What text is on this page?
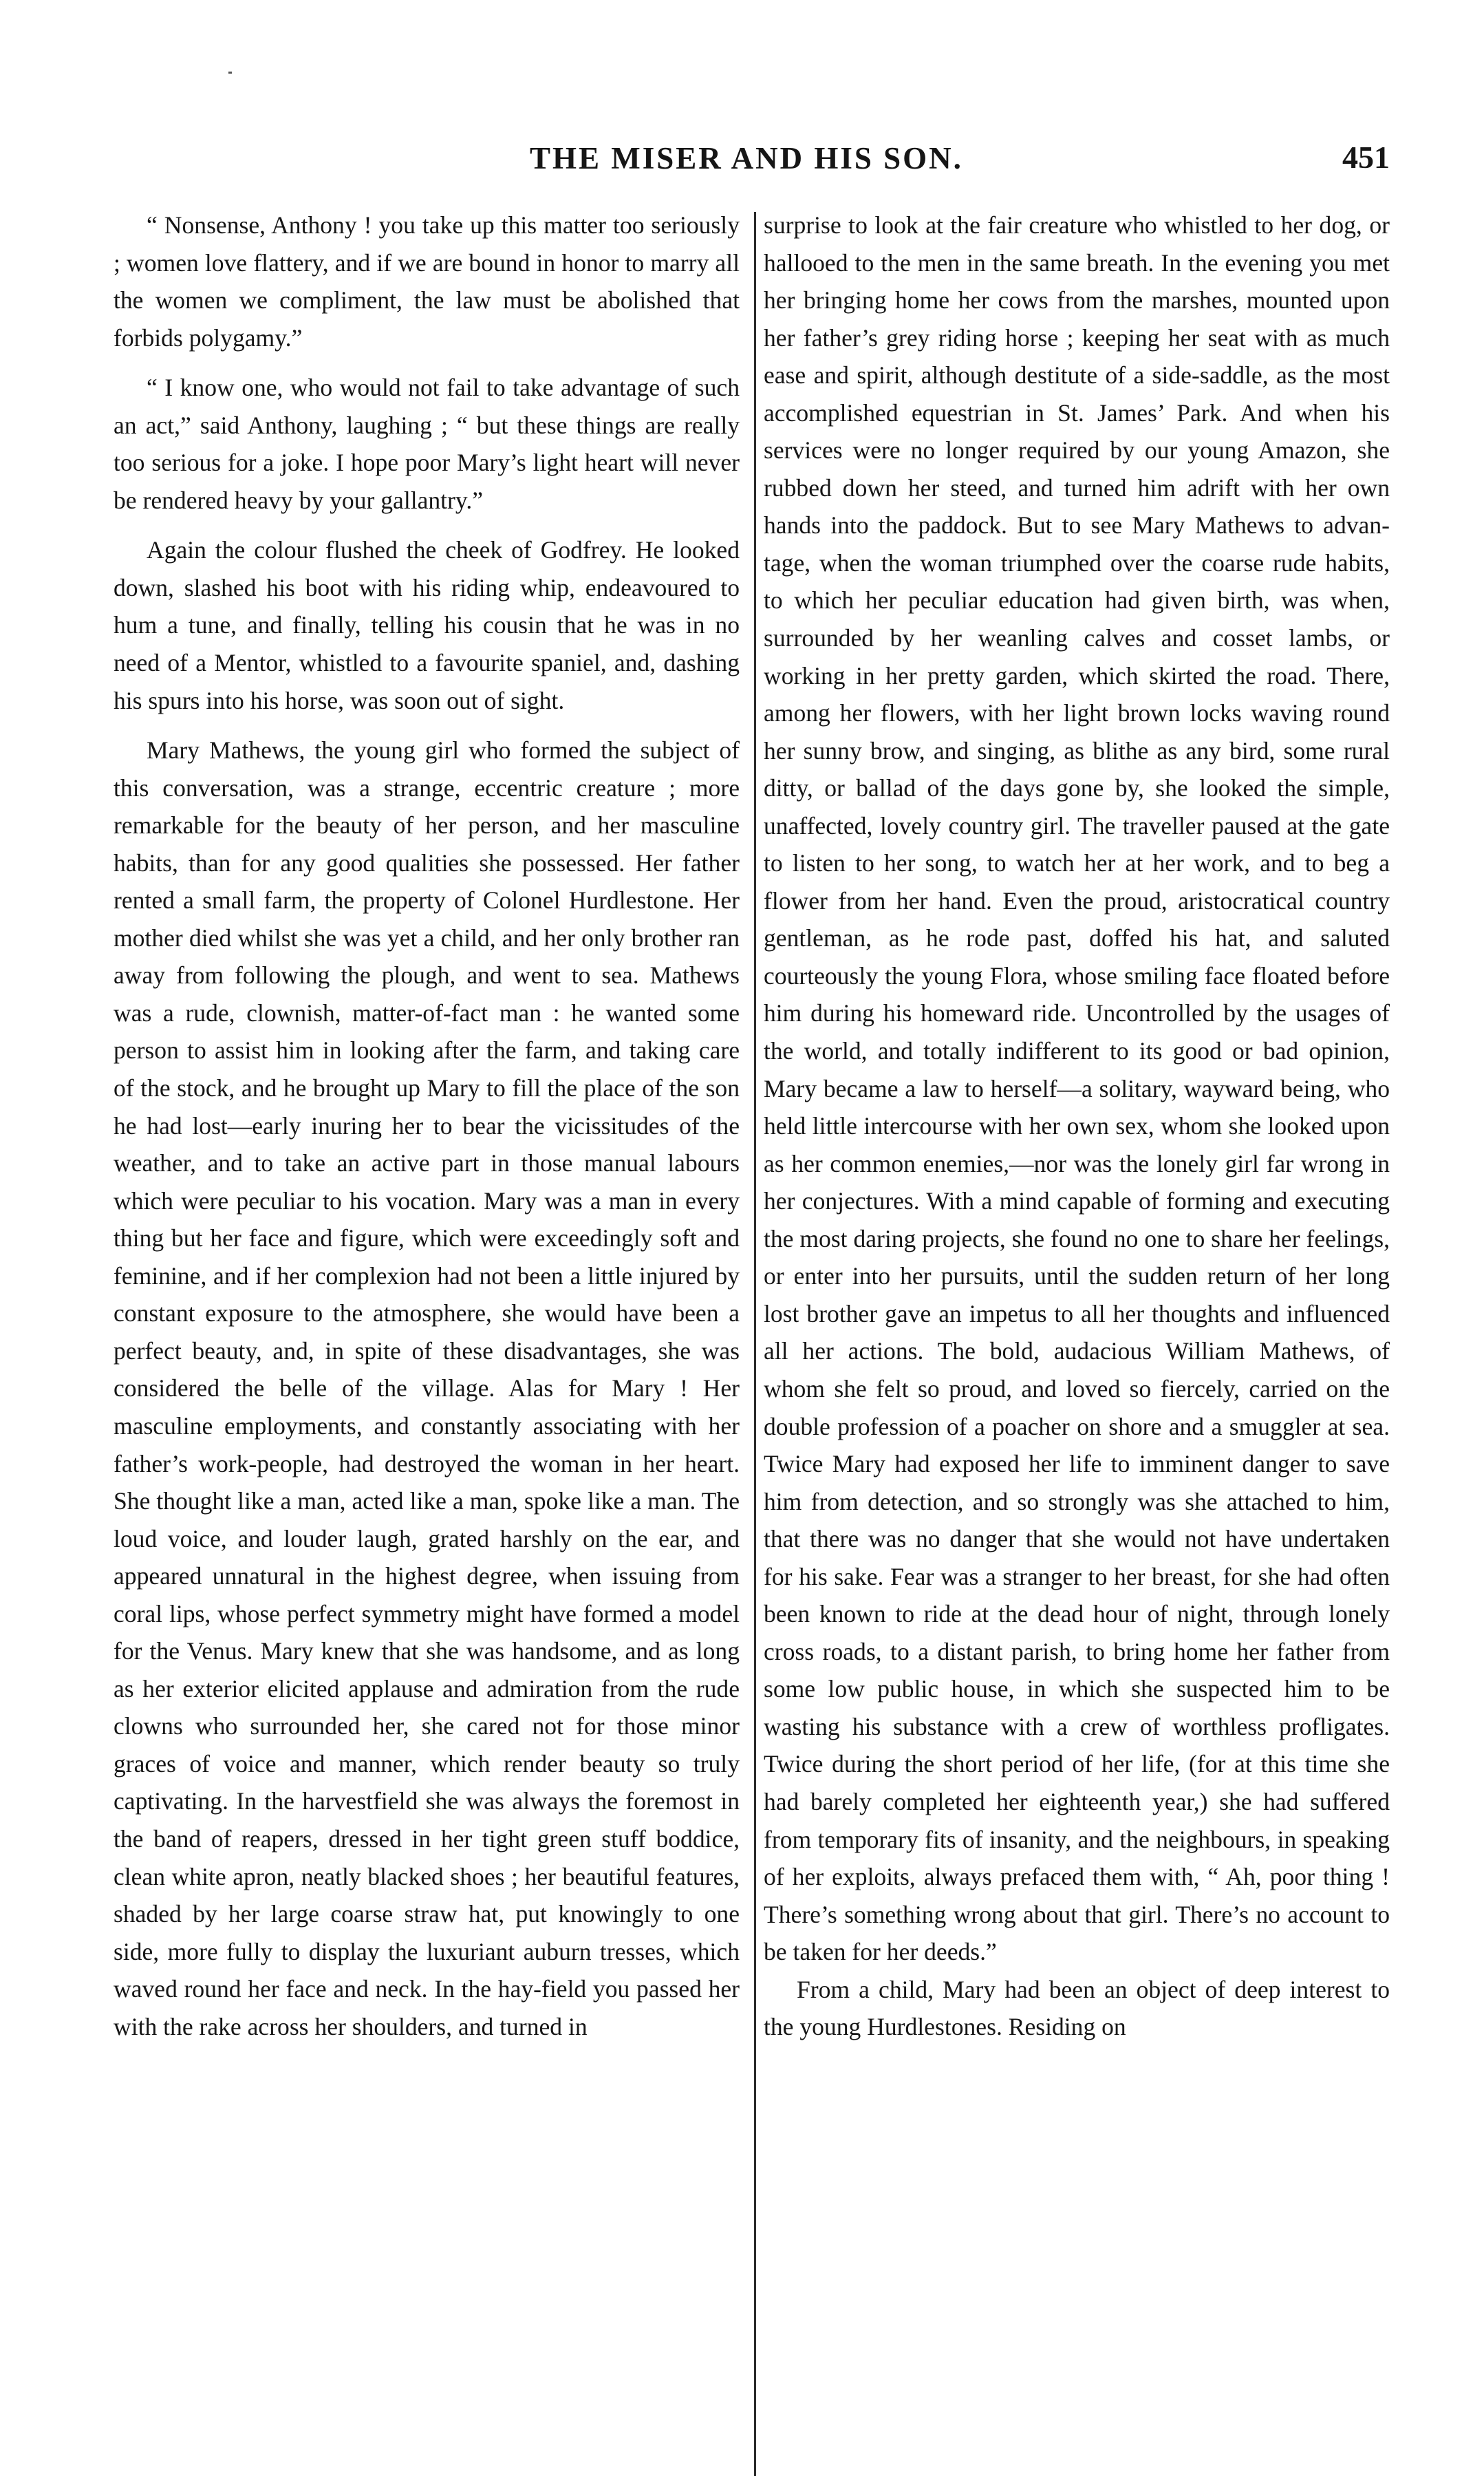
THE MISER AND HIS SON.	451

“ Nonsense, Anthony ! you take up this matter too seriously ; women love flattery, and if we are bound in honor to marry all the women we compliment, the law must be abolished that forbids polygamy.”

“ I know one, who would not fail to take advantage of such an act,” said Anthony, laughing ; “ but these things are really too serious for a joke. I hope poor Mary’s light heart will never be rendered heavy by your gallantry.”

Again the colour flushed the cheek of Godfrey. He looked down, slashed his boot with his riding whip, endeavoured to hum a tune, and finally, telling his cousin that he was in no need of a Mentor, whistled to a favourite spaniel, and, dashing his spurs into his horse, was soon out of sight.

Mary Mathews, the young girl who formed the subject of this conversation, was a strange, eccentric creature ; more remarkable for the beauty of her person, and her masculine habits, than for any good qualities she possessed. Her father rented a small farm, the property of Colonel Hurdlestone. Her mother died whilst she was yet a child, and her only brother ran away from following the plough, and went to sea. Mathews was a rude, clownish, matter-of-fact man : he wanted some person to assist him in looking after the farm, and taking care of the stock, and he brought up Mary to fill the place of the son he had lost—early inuring her to bear the vicissitudes of the weather, and to take an active part in those manual labours which were peculiar to his vocation. Mary was a man in every thing but her face and figure, which were exceedingly soft and feminine, and if her complexion had not been a little injured by constant exposure to the atmosphere, she would have been a perfect beauty, and, in spite of these disadvantages, she was considered the belle of the village. Alas for Mary ! Her masculine employments, and constantly associating with her father’s work-people, had destroyed the woman in her heart. She thought like a man, acted like a man, spoke like a man. The loud voice, and louder laugh, grated harshly on the ear, and appeared unnatural in the highest degree, when issuing from coral lips, whose perfect symmetry might have formed a model for the Venus. Mary knew that she was handsome, and as long as her exterior elicited applause and admiration from the rude clowns who surrounded her, she cared not for those minor graces of voice and manner, which render beauty so truly captivating. In the harvestfield she was always the foremost in the band of reapers, dressed in her tight green stuff boddice, clean white apron, neatly blacked shoes ; her beautiful features, shaded by her large coarse straw hat, put knowingly to one side, more fully to display the luxuriant auburn tresses, which waved round her face and neck. In the hay-field you passed her with the rake across her shoulders, and turned in

surprise to look at the fair creature who whistled to her dog, or hallooed to the men in the same breath. In the evening you met her bringing home her cows from the marshes, mounted upon her father’s grey riding horse ; keeping her seat with as much ease and spirit, although destitute of a side-saddle, as the most accomplished equestrian in St. James’ Park. And when his services were no longer required by our young Amazon, she rubbed down her steed, and turned him adrift with her own hands into the paddock. But to see Mary Mathews to advantage, when the woman triumphed over the coarse rude habits, to which her peculiar education had given birth, was when, surrounded by her weanling calves and cosset lambs, or working in her pretty garden, which skirted the road. There, among her flowers, with her light brown locks waving round her sunny brow, and singing, as blithe as any bird, some rural ditty, or ballad of the days gone by, she looked the simple, unaffected, lovely country girl. The traveller paused at the gate to listen to her song, to watch her at her work, and to beg a flower from her hand. Even the proud, aristocratical country gentleman, as he rode past, doffed his hat, and saluted courteously the young Flora, whose smiling face floated before him during his homeward ride. Uncontrolled by the usages of the world, and totally indifferent to its good or bad opinion, Mary became a law to herself—a solitary, wayward being, who held little intercourse with her own sex, whom she looked upon as her common enemies,—nor was the lonely girl far wrong in her conjectures. With a mind capable of forming and executing the most daring projects, she found no one to share her feelings, or enter into her pursuits, until the sudden return of her long lost brother gave an impetus to all her thoughts and influenced all her actions. The bold, audacious William Mathews, of whom she felt so proud, and loved so fiercely, carried on the double profession of a poacher on shore and a smuggler at sea. Twice Mary had exposed her life to imminent danger to save him from detection, and so strongly was she attached to him, that there was no danger that she would not have undertaken for his sake. Fear was a stranger to her breast, for she had often been known to ride at the dead hour of night, through lonely cross roads, to a distant parish, to bring home her father from some low public house, in which she suspected him to be wasting his substance with a crew of worthless profligates. Twice during the short period of her life, (for at this time she had barely completed her eighteenth year,) she had suffered from temporary fits of insanity, and the neighbours, in speaking of her exploits, always prefaced them with, “ Ah, poor thing ! There’s something wrong about that girl. There’s no account to be taken for her deeds.”

From a child, Mary had been an object of deep interest to the young Hurdlestones. Residing on
